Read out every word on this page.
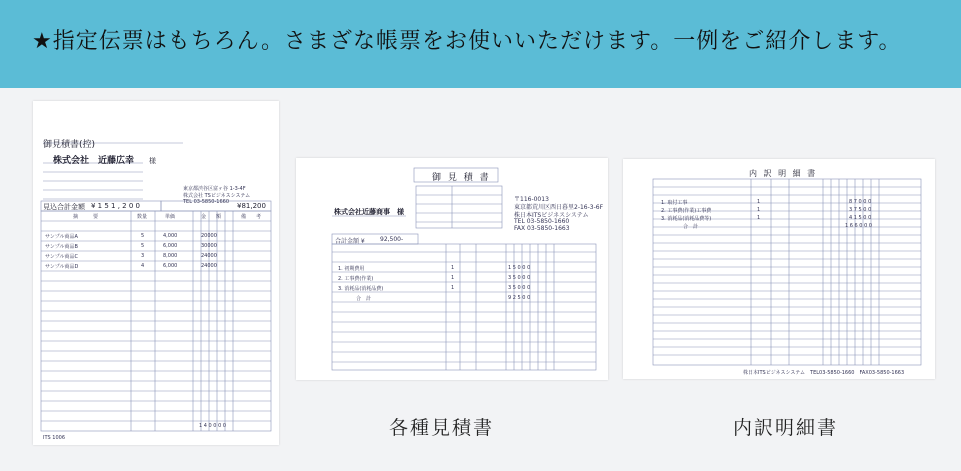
★指定伝票はもちろん。さまざな帳票をお使いいただけます。一例をご紹介します。
御見積書(控)
株式会社　近藤広幸 様
東京都渋谷区富ヶ谷 1-3-4F
株式会社 TSビジネスシステム
TEL 03-5850-1660
見込合計金額 ¥ 1 5 1 , 2 0 0	¥81,200
摘　　　要	数量	単価	金　　額	備　　考
サンプル商品A	5	4,000	20000
サンプル商品B	5	6,000	30000
サンプル商品C	3	8,000	24000
サンプル商品D	4	6,000	24000
1 4 0 0 0 0
ITS 1006
御 見 積 書
株式会社近藤商事　様
〒116-0013
東京都荒川区西日暮里2-16-3-6F
株日本ITSビジネスシステム
TEL 03-5850-1660
FAX 03-5850-1663
合計金額 ¥	92,500-
1. 初期費用	1	1 5 0 0 0
2. 工事費(作業)	1	3 5 0 0 0
3. 消耗品(消耗品費)	1	3 5 0 0 0
合　計	9 2 5 0 0
内 訳 明 細 書
1. 取付工事	1	8 7 0 0 0
2. 工事費(作業)工事費	1	3 7 5 0 0
3. 消耗品(消耗品費等)	1	4 1 5 0 0
合　計	1 6 6 0 0 0
株日本ITSビジネスシステム　TEL03-5850-1660　FAX03-5850-1663
各種見積書	内訳明細書
